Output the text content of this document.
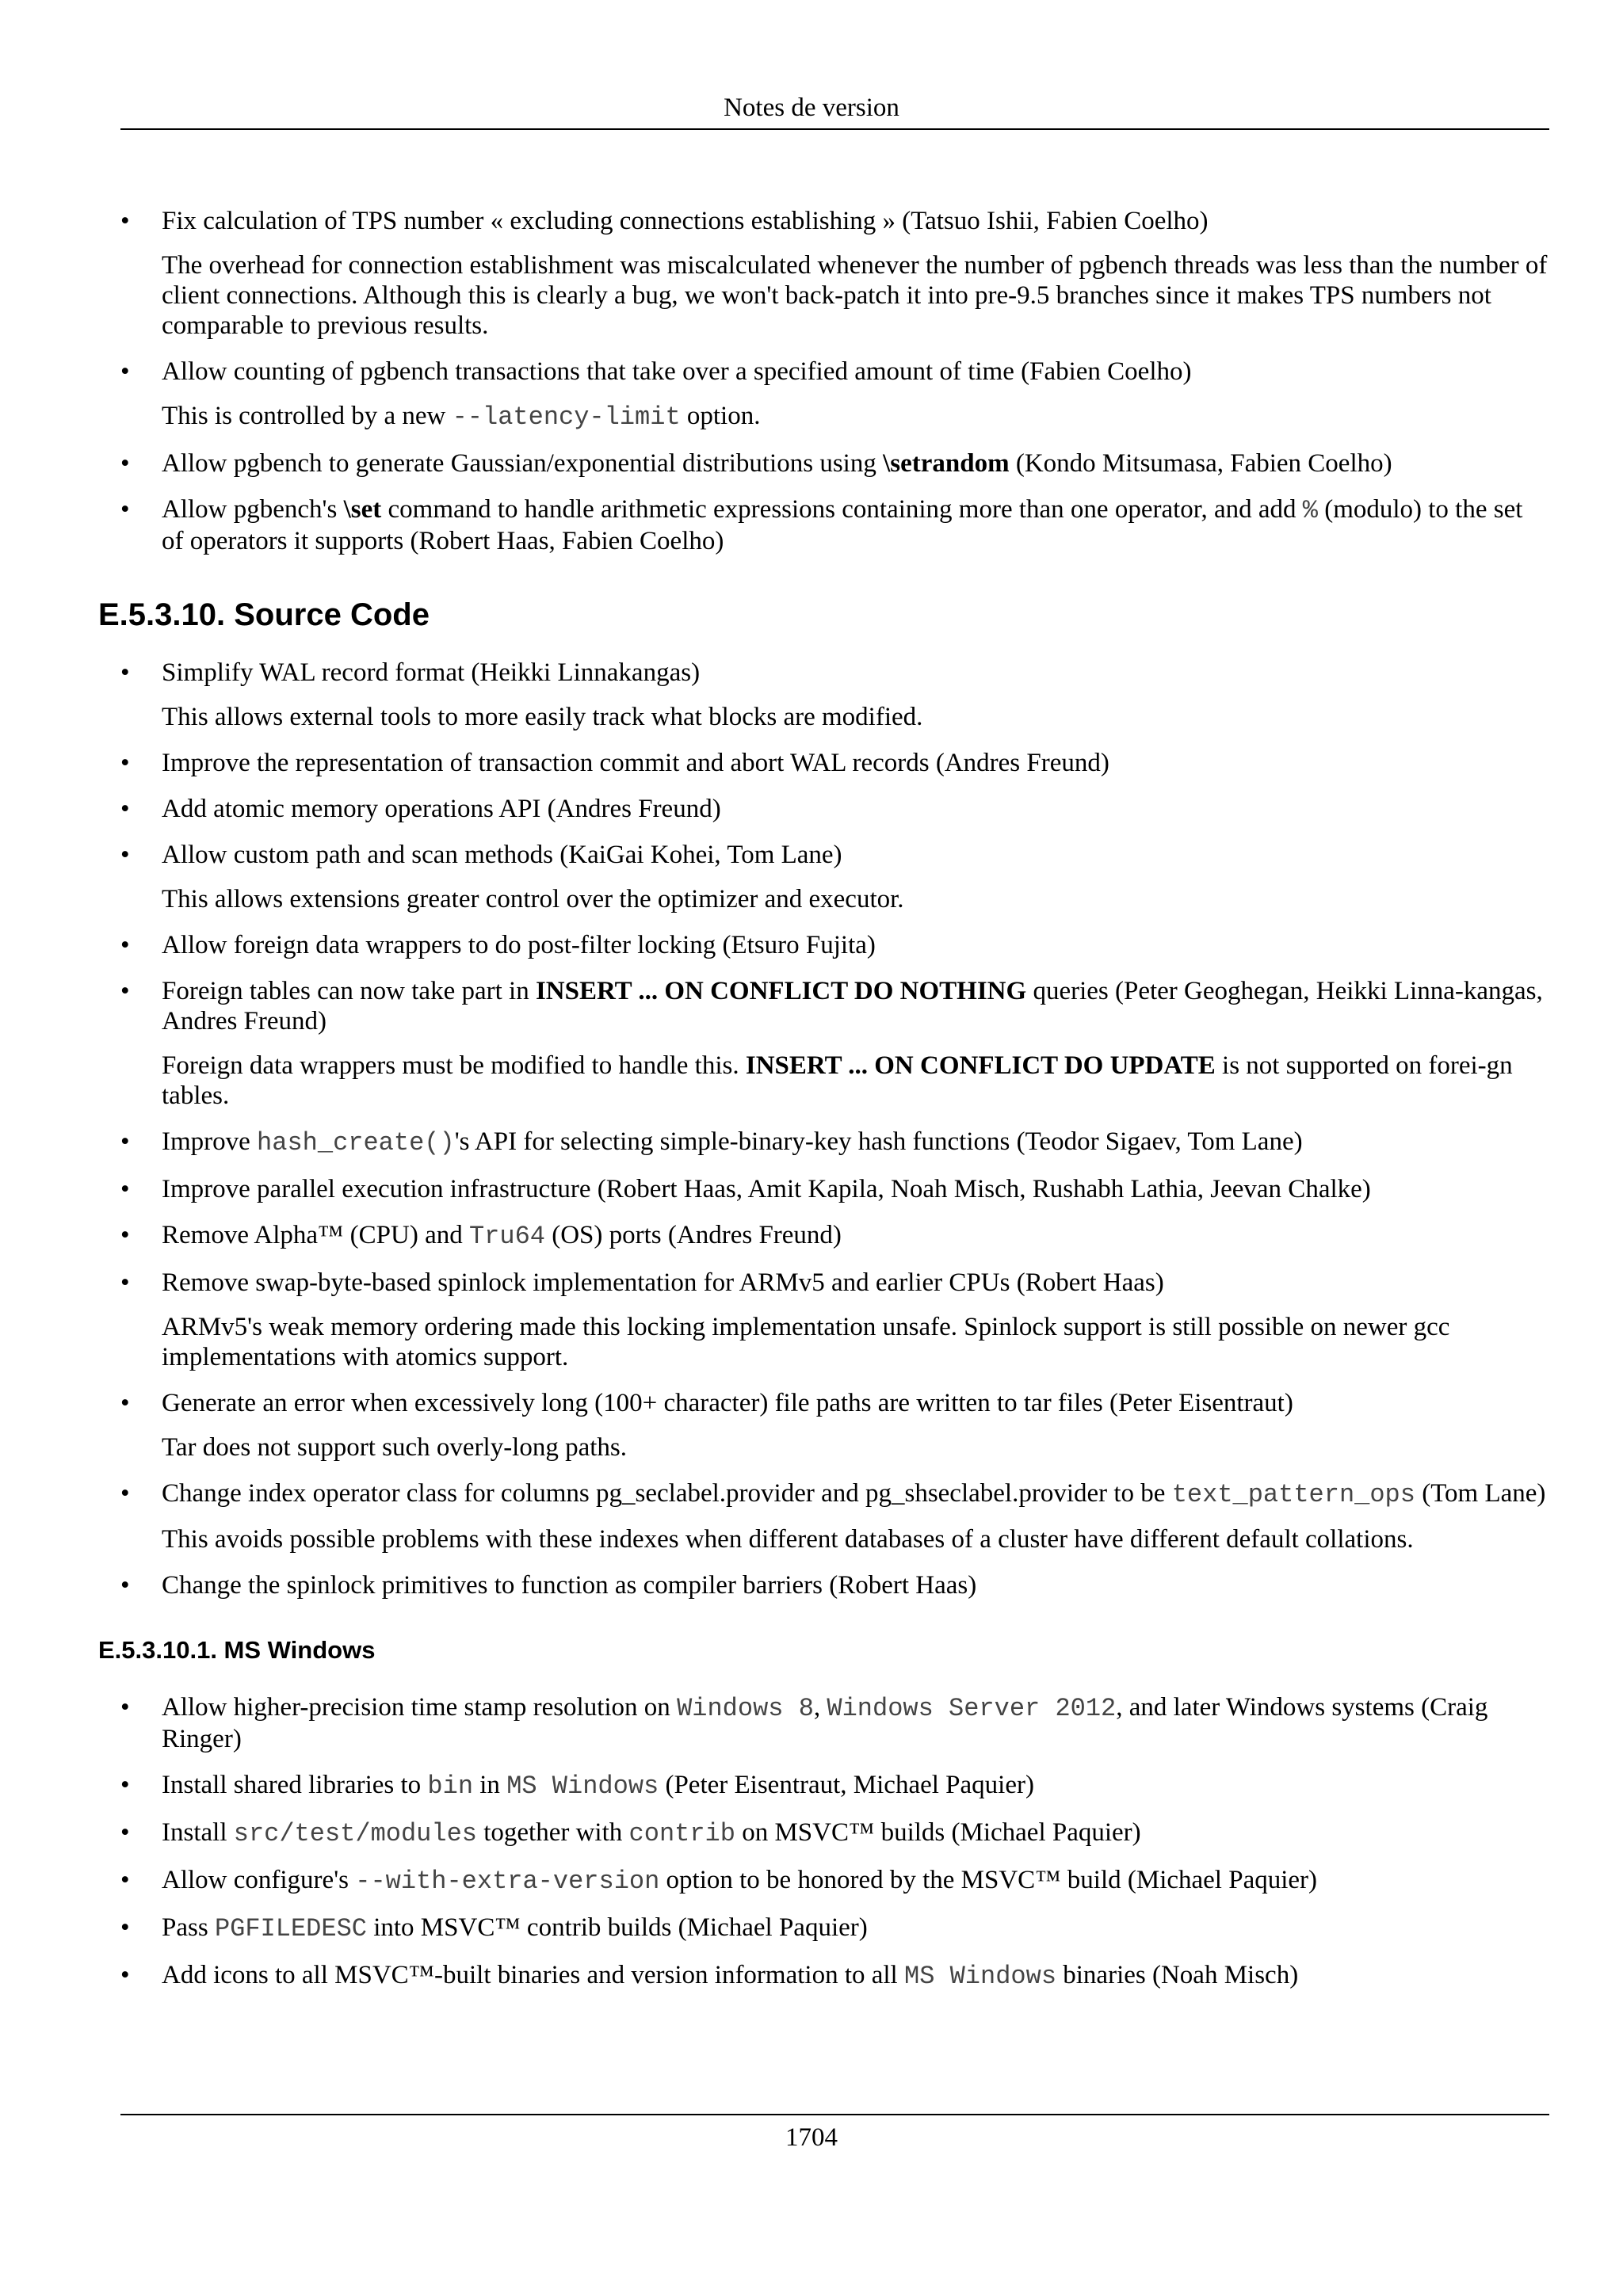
Notes de version
• Fix calculation of TPS number « excluding connections establishing » (Tatsuo Ishii, Fabien Coelho)

The overhead for connection establishment was miscalculated whenever the number of pgbench threads was less than the number of client connections. Although this is clearly a bug, we won't back-patch it into pre-9.5 branches since it makes TPS numbers not comparable to previous results.

• Allow counting of pgbench transactions that take over a specified amount of time (Fabien Coelho)

This is controlled by a new --latency-limit option.

• Allow pgbench to generate Gaussian/exponential distributions using \setrandom (Kondo Mitsumasa, Fabien Coelho)

• Allow pgbench's \set command to handle arithmetic expressions containing more than one operator, and add % (modulo) to the set of operators it supports (Robert Haas, Fabien Coelho)

E.5.3.10. Source Code
• Simplify WAL record format (Heikki Linnakangas)

This allows external tools to more easily track what blocks are modified.

• Improve the representation of transaction commit and abort WAL records (Andres Freund)

• Add atomic memory operations API (Andres Freund)

• Allow custom path and scan methods (KaiGai Kohei, Tom Lane)

This allows extensions greater control over the optimizer and executor.

• Allow foreign data wrappers to do post-filter locking (Etsuro Fujita)

• Foreign tables can now take part in INSERT ... ON CONFLICT DO NOTHING queries (Peter Geoghegan, Heikki Linna-kangas, Andres Freund)

Foreign data wrappers must be modified to handle this. INSERT ... ON CONFLICT DO UPDATE is not supported on forei-gn tables.

• Improve hash_create()'s API for selecting simple-binary-key hash functions (Teodor Sigaev, Tom Lane)

• Improve parallel execution infrastructure (Robert Haas, Amit Kapila, Noah Misch, Rushabh Lathia, Jeevan Chalke)

• Remove Alpha™ (CPU) and Tru64 (OS) ports (Andres Freund)

• Remove swap-byte-based spinlock implementation for ARMv5 and earlier CPUs (Robert Haas)

ARMv5's weak memory ordering made this locking implementation unsafe. Spinlock support is still possible on newer gcc implementations with atomics support.

• Generate an error when excessively long (100+ character) file paths are written to tar files (Peter Eisentraut)

Tar does not support such overly-long paths.

• Change index operator class for columns pg_seclabel.provider and pg_shseclabel.provider to be text_pattern_ops (Tom Lane)

This avoids possible problems with these indexes when different databases of a cluster have different default collations.

• Change the spinlock primitives to function as compiler barriers (Robert Haas)

E.5.3.10.1. MS Windows
• Allow higher-precision time stamp resolution on Windows 8, Windows Server 2012, and later Windows systems (Craig Ringer)

• Install shared libraries to bin in MS Windows (Peter Eisentraut, Michael Paquier)

• Install src/test/modules together with contrib on MSVC™ builds (Michael Paquier)

• Allow configure's --with-extra-version option to be honored by the MSVC™ build (Michael Paquier)

• Pass PGFILEDESC into MSVC™ contrib builds (Michael Paquier)

• Add icons to all MSVC™-built binaries and version information to all MS Windows binaries (Noah Misch)

1704
